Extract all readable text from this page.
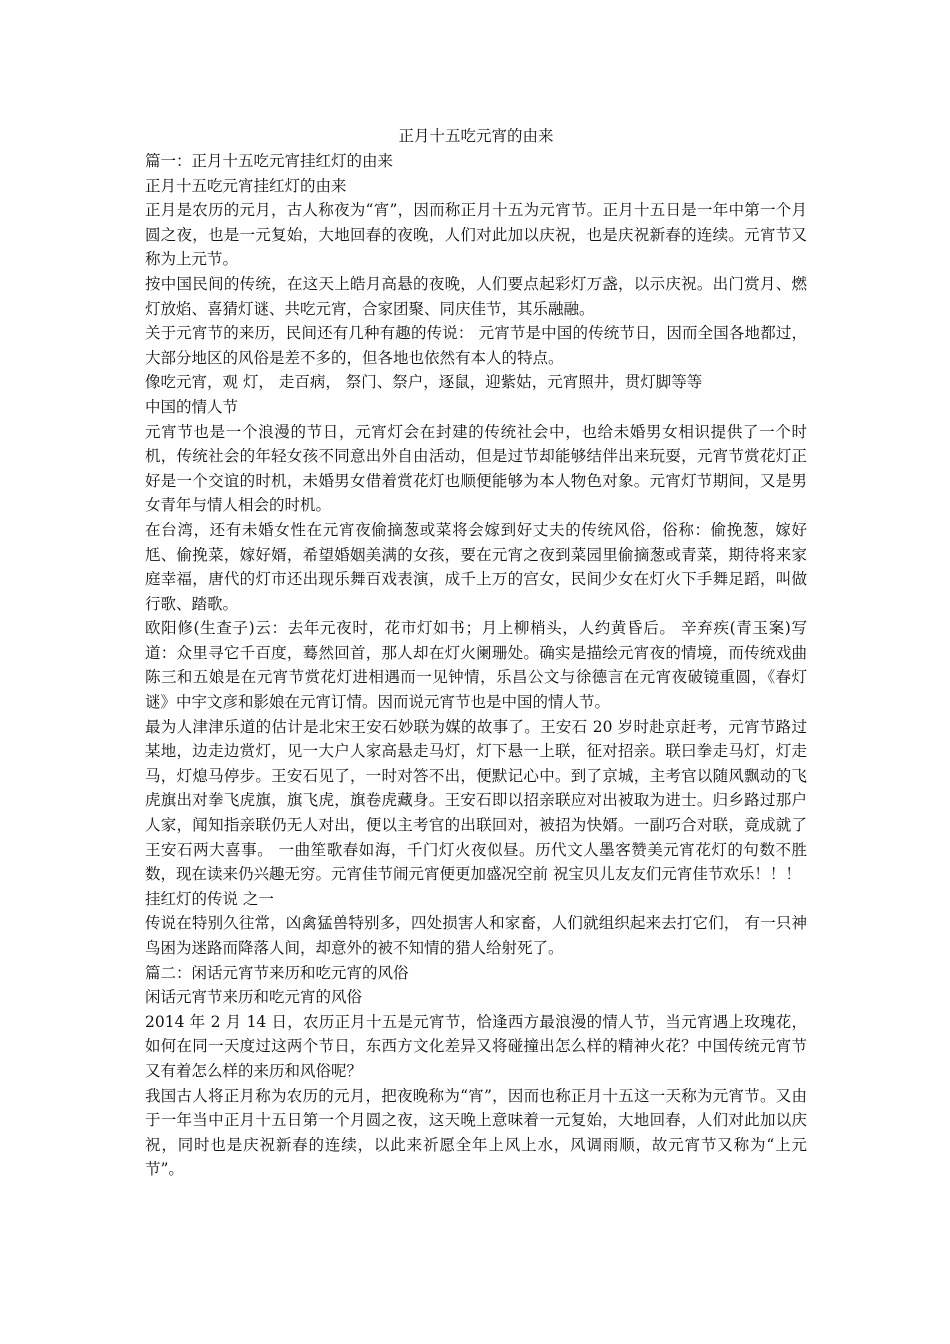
正月十五吃元宵的由来

篇一：正月十五吃元宵挂红灯的由来

正月十五吃元宵挂红灯的由来

正月是农历的元月，古人称夜为“宵”，因而称正月十五为元宵节。正月十五日是一年中第一个月圆之夜，也是一元复始，大地回春的夜晚，人们对此加以庆祝，也是庆祝新春的连续。元宵节又称为上元节。

按中国民间的传统，在这天上皓月高悬的夜晚，人们要点起彩灯万盏，以示庆祝。出门赏月、燃灯放焰、喜猜灯谜、共吃元宵，合家团聚、同庆佳节，其乐融融。

关于元宵节的来历，民间还有几种有趣的传说： 元宵节是中国的传统节日，因而全国各地都过，大部分地区的风俗是差不多的，但各地也依然有本人的特点。

像吃元宵，观 灯， 走百病， 祭门、祭户，逐鼠，迎紫姑，元宵照井，贯灯脚等等

中国的情人节

元宵节也是一个浪漫的节日，元宵灯会在封建的传统社会中，也给未婚男女相识提供了一个时机，传统社会的年轻女孩不同意出外自由活动，但是过节却能够结伴出来玩耍，元宵节赏花灯正好是一个交谊的时机，未婚男女借着赏花灯也顺便能够为本人物色对象。元宵灯节期间，又是男女青年与情人相会的时机。

在台湾，还有未婚女性在元宵夜偷摘葱或菜将会嫁到好丈夫的传统风俗，俗称：偷挽葱，嫁好尪、偷挽菜，嫁好婿，希望婚姻美满的女孩，要在元宵之夜到菜园里偷摘葱或青菜，期待将来家庭幸福，唐代的灯市还出现乐舞百戏表演，成千上万的宫女，民间少女在灯火下手舞足蹈，叫做行歌、踏歌。

欧阳修(生查子)云：去年元夜时，花市灯如书；月上柳梢头，人约黄昏后。 辛弃疾(青玉案)写道：众里寻它千百度，蓦然回首，那人却在灯火阑珊处。确实是描绘元宵夜的情境，而传统戏曲陈三和五娘是在元宵节赏花灯进相遇而一见钟情，乐昌公文与徐德言在元宵夜破镜重圆，《春灯谜》中宇文彦和影娘在元宵订情。因而说元宵节也是中国的情人节。

最为人津津乐道的估计是北宋王安石妙联为媒的故事了。王安石 20 岁时赴京赶考，元宵节路过某地，边走边赏灯，见一大户人家高悬走马灯，灯下悬一上联，征对招亲。联曰拳走马灯，灯走马，灯熄马停步。王安石见了，一时对答不出，便默记心中。到了京城，主考官以随风飘动的飞虎旗出对拳飞虎旗，旗飞虎，旗卷虎藏身。王安石即以招亲联应对出被取为进士。归乡路过那户人家，闻知指亲联仍无人对出，便以主考官的出联回对，被招为快婿。一副巧合对联，竟成就了王安石两大喜事。 一曲笙歌春如海，千门灯火夜似昼。历代文人墨客赞美元宵花灯的句数不胜数，现在读来仍兴趣无穷。元宵佳节闹元宵便更加盛况空前 祝宝贝儿友友们元宵佳节欢乐！！！

挂红灯的传说 之一

传说在特别久往常，凶禽猛兽特别多，四处损害人和家畜，人们就组织起来去打它们， 有一只神鸟困为迷路而降落人间，却意外的被不知情的猎人给射死了。

篇二：闲话元宵节来历和吃元宵的风俗

闲话元宵节来历和吃元宵的风俗

2014 年 2 月 14 日，农历正月十五是元宵节，恰逢西方最浪漫的情人节，当元宵遇上玫瑰花，如何在同一天度过这两个节日，东西方文化差异又将碰撞出怎么样的精神火花？中国传统元宵节又有着怎么样的来历和风俗呢？

我国古人将正月称为农历的元月，把夜晚称为“宵”，因而也称正月十五这一天称为元宵节。又由于一年当中正月十五日第一个月圆之夜，这天晚上意味着一元复始，大地回春，人们对此加以庆祝，同时也是庆祝新春的连续，以此来祈愿全年上风上水，风调雨顺，故元宵节又称为“上元节”。
